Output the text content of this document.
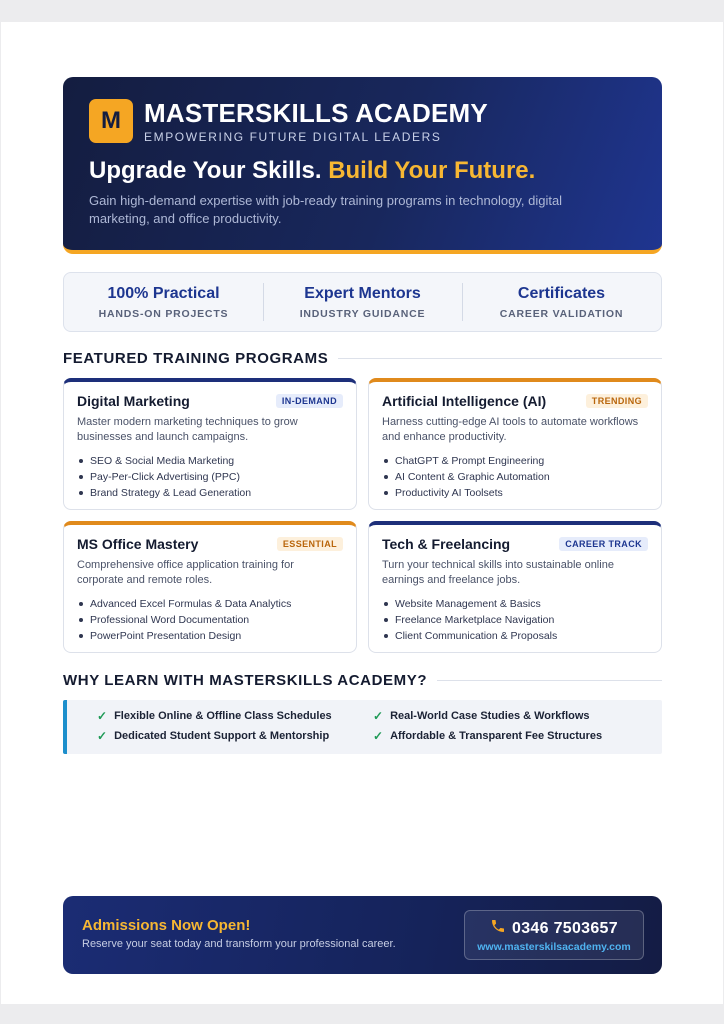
M MASTERSKILLS ACADEMY
EMPOWERING FUTURE DIGITAL LEADERS
Upgrade Your Skills. Build Your Future.
Gain high-demand expertise with job-ready training programs in technology, digital marketing, and office productivity.
100% Practical
HANDS-ON PROJECTS
Expert Mentors
INDUSTRY GUIDANCE
Certificates
CAREER VALIDATION
FEATURED TRAINING PROGRAMS
Digital Marketing	IN-DEMAND
Master modern marketing techniques to grow businesses and launch campaigns.
SEO & Social Media Marketing
Pay-Per-Click Advertising (PPC)
Brand Strategy & Lead Generation
Artificial Intelligence (AI)	TRENDING
Harness cutting-edge AI tools to automate workflows and enhance productivity.
ChatGPT & Prompt Engineering
AI Content & Graphic Automation
Productivity AI Toolsets
MS Office Mastery	ESSENTIAL
Comprehensive office application training for corporate and remote roles.
Advanced Excel Formulas & Data Analytics
Professional Word Documentation
PowerPoint Presentation Design
Tech & Freelancing	CAREER TRACK
Turn your technical skills into sustainable online earnings and freelance jobs.
Website Management & Basics
Freelance Marketplace Navigation
Client Communication & Proposals
WHY LEARN WITH MASTERSKILLS ACADEMY?
✓ Flexible Online & Offline Class Schedules	✓ Real-World Case Studies & Workflows
✓ Dedicated Student Support & Mentorship	✓ Affordable & Transparent Fee Structures
Admissions Now Open!
Reserve your seat today and transform your professional career.
0346 7503657
www.masterskilsacademy.com
